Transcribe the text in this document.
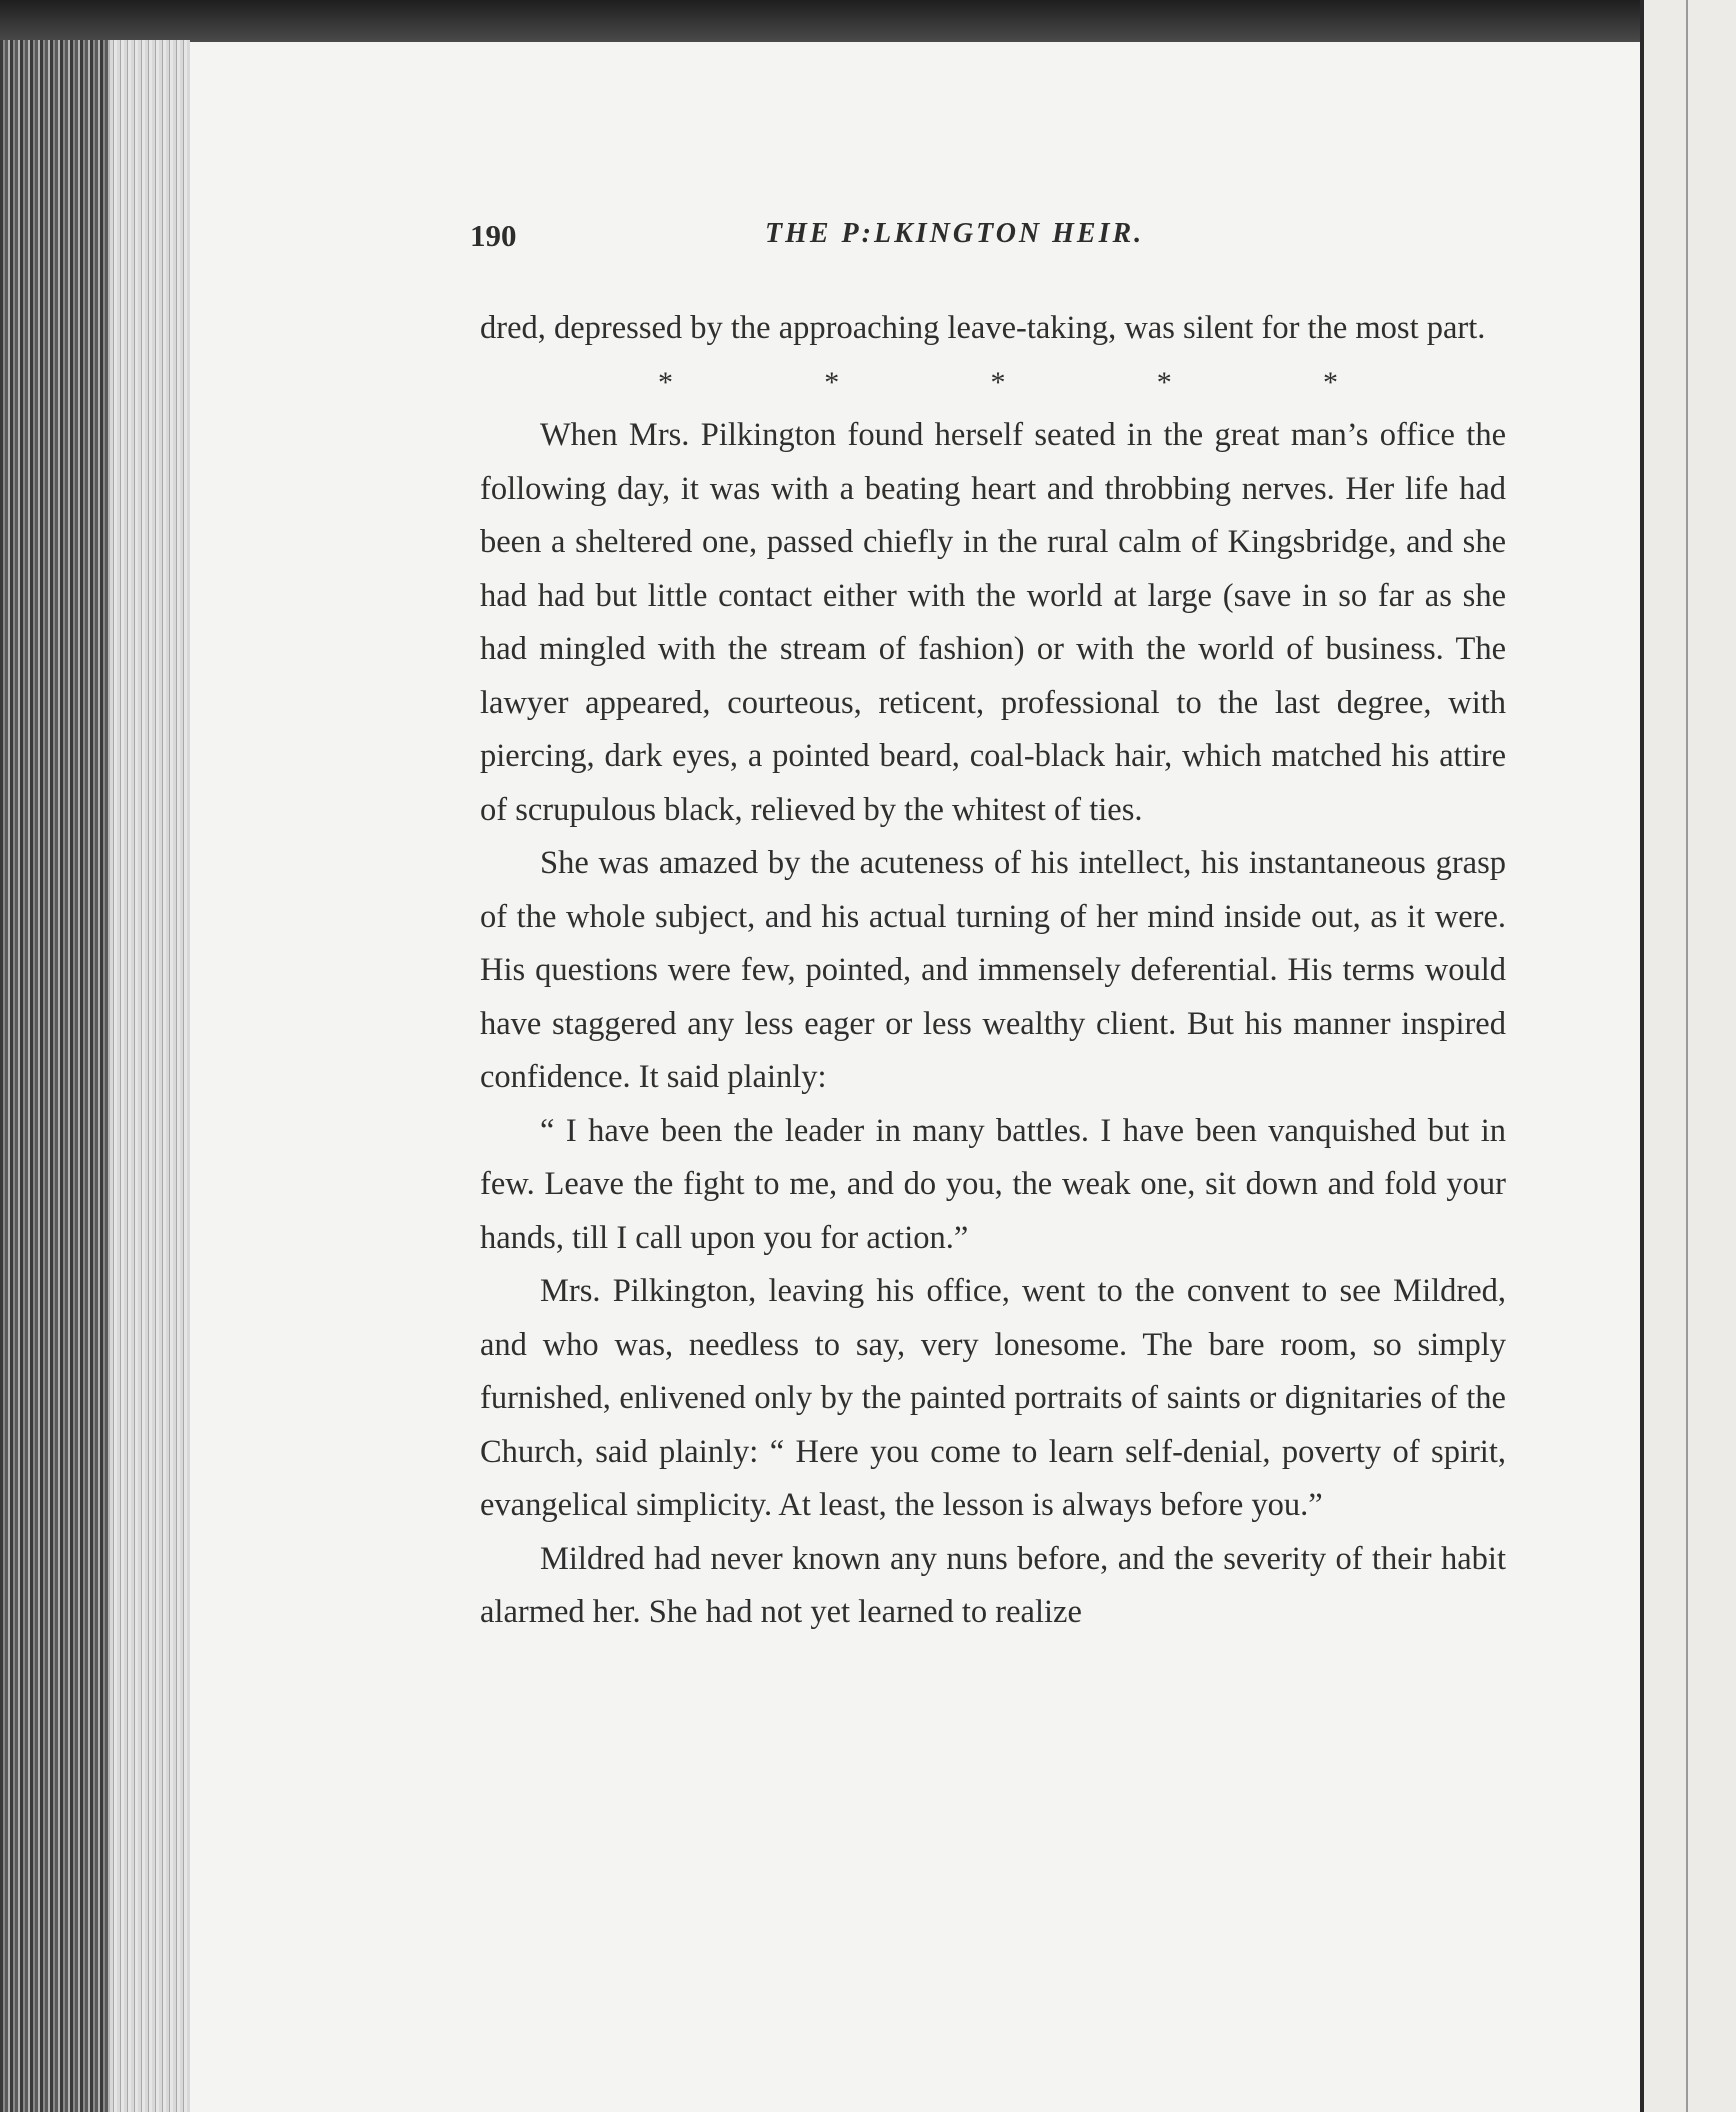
190	THE P:LKINGTON HEIR.

dred, depressed by the approaching leave-taking, was silent for the most part.

*	*	*	*	*

When Mrs. Pilkington found herself seated in the great man’s office the following day, it was with a beating heart and throbbing nerves. Her life had been a sheltered one, passed chiefly in the rural calm of Kingsbridge, and she had had but little contact either with the world at large (save in so far as she had mingled with the stream of fashion) or with the world of business. The lawyer appeared, courteous, reticent, professional to the last degree, with piercing, dark eyes, a pointed beard, coal-black hair, which matched his attire of scrupulous black, relieved by the whitest of ties.

She was amazed by the acuteness of his intellect, his instantaneous grasp of the whole subject, and his actual turning of her mind inside out, as it were. His questions were few, pointed, and immensely deferential. His terms would have staggered any less eager or less wealthy client. But his manner inspired confidence. It said plainly:

“ I have been the leader in many battles. I have been vanquished but in few. Leave the fight to me, and do you, the weak one, sit down and fold your hands, till I call upon you for action.”

Mrs. Pilkington, leaving his office, went to the convent to see Mildred, and who was, needless to say, very lonesome. The bare room, so simply furnished, enlivened only by the painted portraits of saints or dignitaries of the Church, said plainly: “ Here you come to learn self-denial, poverty of spirit, evangelical simplicity. At least, the lesson is always before you.”

Mildred had never known any nuns before, and the severity of their habit alarmed her. She had not yet learned to realize
